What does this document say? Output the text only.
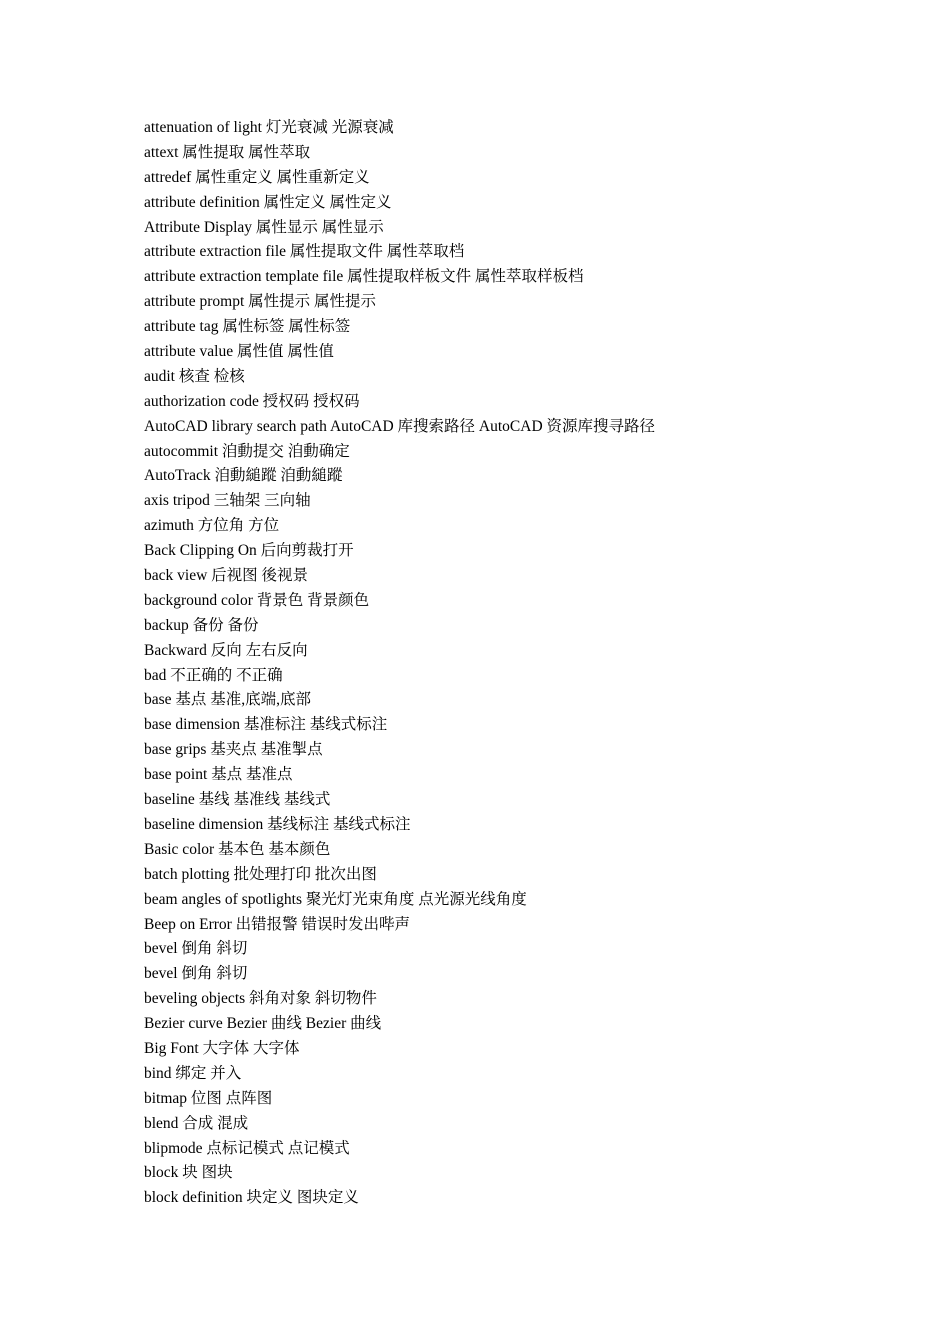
attenuation of light 灯光衰减 光源衰减
attext 属性提取 属性萃取
attredef 属性重定义 属性重新定义
attribute definition 属性定义 属性定义
Attribute Display 属性显示 属性显示
attribute extraction file 属性提取文件 属性萃取档
attribute extraction template file 属性提取样板文件 属性萃取样板档
attribute prompt 属性提示 属性提示
attribute tag 属性标签 属性标签
attribute value 属性值 属性值
audit 核查 检核
authorization code 授权码 授权码
AutoCAD library search path AutoCAD 库搜索路径 AutoCAD 资源库搜寻路径
autocommit 洎動提交 洎動确定
AutoTrack 洎動縋蹤 洎動縋蹤
axis tripod 三轴架 三向轴
azimuth 方位角 方位
Back Clipping On 后向剪裁打开
back view 后视图 後视景
background color 背景色 背景颜色
backup 备份 备份
Backward 反向 左右反向
bad 不正确的 不正确
base 基点 基准,底端,底部
base dimension 基准标注 基线式标注
base grips 基夹点 基准掣点
base point 基点 基准点
baseline 基线 基准线 基线式
baseline dimension 基线标注 基线式标注
Basic color 基本色 基本颜色
batch plotting 批处理打印 批次出图
beam angles of spotlights 聚光灯光束角度 点光源光线角度
Beep on Error 出错报警 错误时发出哔声
bevel 倒角 斜切
bevel 倒角 斜切
beveling objects 斜角对象 斜切物件
Bezier curve Bezier 曲线 Bezier 曲线
Big Font 大字体 大字体
bind 绑定 并入
bitmap 位图 点阵图
blend 合成 混成
blipmode 点标记模式 点记模式
block 块 图块
block definition 块定义 图块定义
